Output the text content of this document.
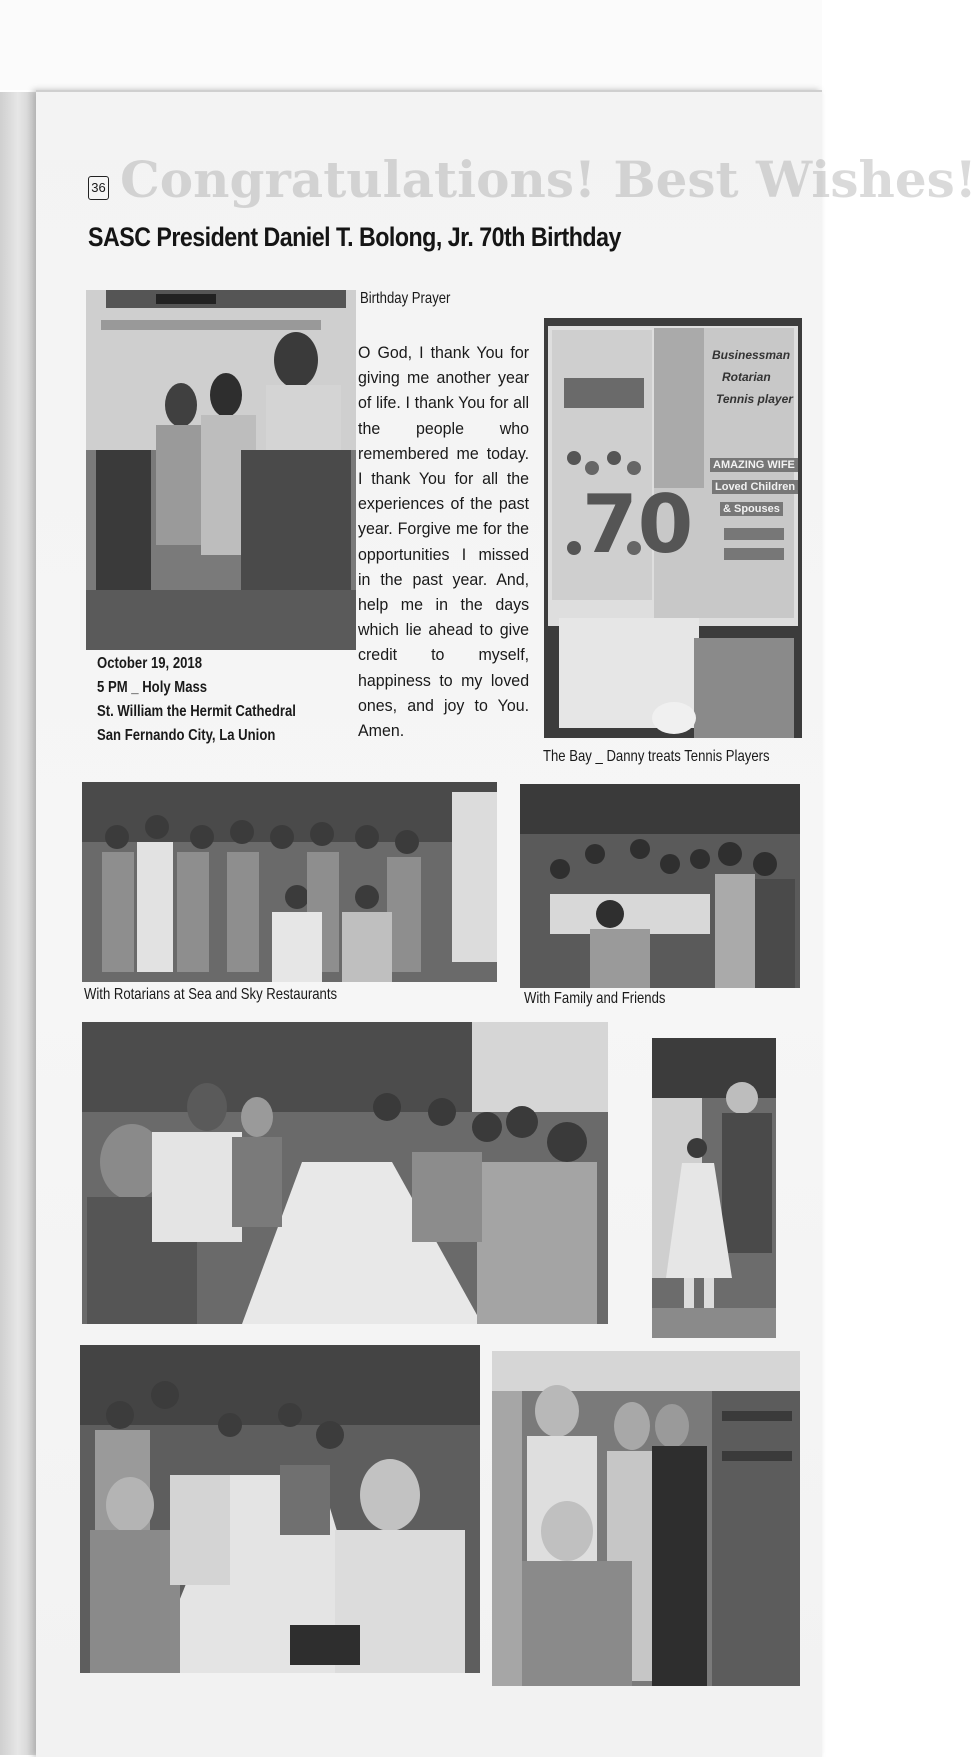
Congratulations! Best Wishes!
36
SASC President Daniel T. Bolong, Jr. 70th Birthday
October 19, 2018
5 PM _ Holy Mass
St. William the Hermit Cathedral
San Fernando City, La Union
Birthday Prayer
O God, I thank You for giving me another year of life. I thank You for all the people who remembered me today. I thank You for all the experiences of the past year. Forgive me for the opportunities I missed in the past year. And, help me in the days which lie ahead to give credit to myself, happiness to my loved ones, and joy to You. Amen.
70
Businessman
Rotarian
Tennis player
AMAZING WIFE
Loved Children
& Spouses
The Bay _ Danny treats Tennis Players
With Rotarians at Sea and Sky Restaurants	With Family and Friends
